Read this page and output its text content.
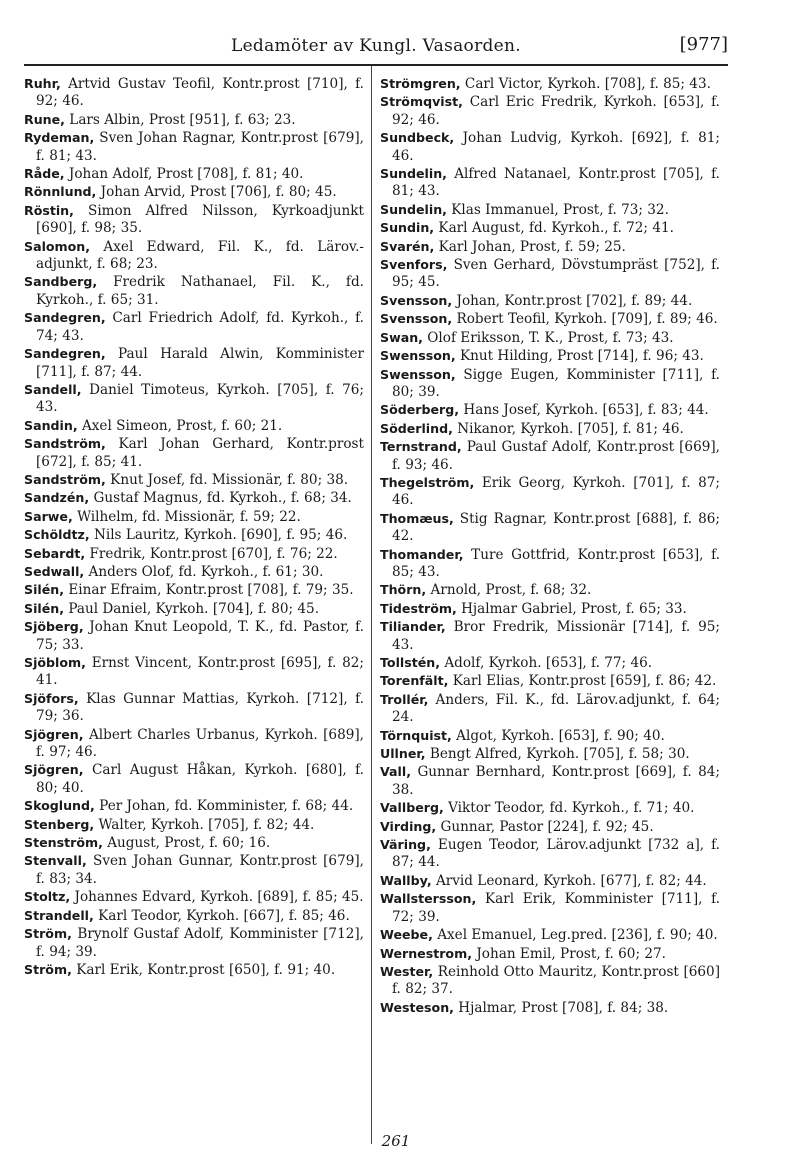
Ledamöter av Kungl. Vasaorden.	[977]

Ruhr, Artvid Gustav Teofil, Kontr.prost [710], f. 92; 46.

Rune, Lars Albin, Prost [951], f. 63; 23.

Rydeman, Sven Johan Ragnar, Kontr.prost [679], f. 81; 43.

Råde, Johan Adolf, Prost [708], f. 81; 40.

Rönnlund, Johan Arvid, Prost [706], f. 80; 45.

Röstin, Simon Alfred Nilsson, Kyrkoadjunkt [690], f. 98; 35.

Salomon, Axel Edward, Fil. K., fd. Lärov.-adjunkt, f. 68; 23.

Sandberg, Fredrik Nathanael, Fil. K., fd. Kyrkoh., f. 65; 31.

Sandegren, Carl Friedrich Adolf, fd. Kyrkoh., f. 74; 43.

Sandegren, Paul Harald Alwin, Komminister [711], f. 87; 44.

Sandell, Daniel Timoteus, Kyrkoh. [705], f. 76; 43.

Sandin, Axel Simeon, Prost, f. 60; 21.

Sandström, Karl Johan Gerhard, Kontr.prost [672], f. 85; 41.

Sandström, Knut Josef, fd. Missionär, f. 80; 38.

Sandzén, Gustaf Magnus, fd. Kyrkoh., f. 68; 34.

Sarwe, Wilhelm, fd. Missionär, f. 59; 22.

Schöldtz, Nils Lauritz, Kyrkoh. [690], f. 95; 46.

Sebardt, Fredrik, Kontr.prost [670], f. 76; 22.

Sedwall, Anders Olof, fd. Kyrkoh., f. 61; 30.

Silén, Einar Efraim, Kontr.prost [708], f. 79; 35.

Silén, Paul Daniel, Kyrkoh. [704], f. 80; 45.

Sjöberg, Johan Knut Leopold, T. K., fd. Pastor, f. 75; 33.

Sjöblom, Ernst Vincent, Kontr.prost [695], f. 82; 41.

Sjöfors, Klas Gunnar Mattias, Kyrkoh. [712], f. 79; 36.

Sjögren, Albert Charles Urbanus, Kyrkoh. [689], f. 97; 46.

Sjögren, Carl August Håkan, Kyrkoh. [680], f. 80; 40.

Skoglund, Per Johan, fd. Komminister, f. 68; 44.

Stenberg, Walter, Kyrkoh. [705], f. 82; 44.

Stenström, August, Prost, f. 60; 16.

Stenvall, Sven Johan Gunnar, Kontr.prost [679], f. 83; 34.

Stoltz, Johannes Edvard, Kyrkoh. [689], f. 85; 45.

Strandell, Karl Teodor, Kyrkoh. [667], f. 85; 46.

Ström, Brynolf Gustaf Adolf, Komminister [712], f. 94; 39.

Ström, Karl Erik, Kontr.prost [650], f. 91; 40.

Strömgren, Carl Victor, Kyrkoh. [708], f. 85; 43.

Strömqvist, Carl Eric Fredrik, Kyrkoh. [653], f. 92; 46.

Sundbeck, Johan Ludvig, Kyrkoh. [692], f. 81; 46.

Sundelin, Alfred Natanael, Kontr.prost [705], f. 81; 43.

Sundelin, Klas Immanuel, Prost, f. 73; 32.

Sundin, Karl August, fd. Kyrkoh., f. 72; 41.

Svarén, Karl Johan, Prost, f. 59; 25.

Svenfors, Sven Gerhard, Dövstumpräst [752], f. 95; 45.

Svensson, Johan, Kontr.prost [702], f. 89; 44.

Svensson, Robert Teofil, Kyrkoh. [709], f. 89; 46.

Swan, Olof Eriksson, T. K., Prost, f. 73; 43.

Swensson, Knut Hilding, Prost [714], f. 96; 43.

Swensson, Sigge Eugen, Komminister [711], f. 80; 39.

Söderberg, Hans Josef, Kyrkoh. [653], f. 83; 44.

Söderlind, Nikanor, Kyrkoh. [705], f. 81; 46.

Ternstrand, Paul Gustaf Adolf, Kontr.prost [669], f. 93; 46.

Thegelström, Erik Georg, Kyrkoh. [701], f. 87; 46.

Thomæus, Stig Ragnar, Kontr.prost [688], f. 86; 42.

Thomander, Ture Gottfrid, Kontr.prost [653], f. 85; 43.

Thörn, Arnold, Prost, f. 68; 32.

Tideström, Hjalmar Gabriel, Prost, f. 65; 33.

Tiliander, Bror Fredrik, Missionär [714], f. 95; 43.

Tollstén, Adolf, Kyrkoh. [653], f. 77; 46.

Torenfält, Karl Elias, Kontr.prost [659], f. 86; 42.

Trollér, Anders, Fil. K., fd. Lärov.adjunkt, f. 64; 24.

Törnquist, Algot, Kyrkoh. [653], f. 90; 40.

Ullner, Bengt Alfred, Kyrkoh. [705], f. 58; 30.

Vall, Gunnar Bernhard, Kontr.prost [669], f. 84; 38.

Vallberg, Viktor Teodor, fd. Kyrkoh., f. 71; 40.

Virding, Gunnar, Pastor [224], f. 92; 45.

Väring, Eugen Teodor, Lärov.adjunkt [732 a], f. 87; 44.

Wallby, Arvid Leonard, Kyrkoh. [677], f. 82; 44.

Wallstersson, Karl Erik, Komminister [711], f. 72; 39.

Weebe, Axel Emanuel, Leg.pred. [236], f. 90; 40.

Wernestrom, Johan Emil, Prost, f. 60; 27.

Wester, Reinhold Otto Mauritz, Kontr.prost [660] f. 82; 37.

Westeson, Hjalmar, Prost [708], f. 84; 38.

261
